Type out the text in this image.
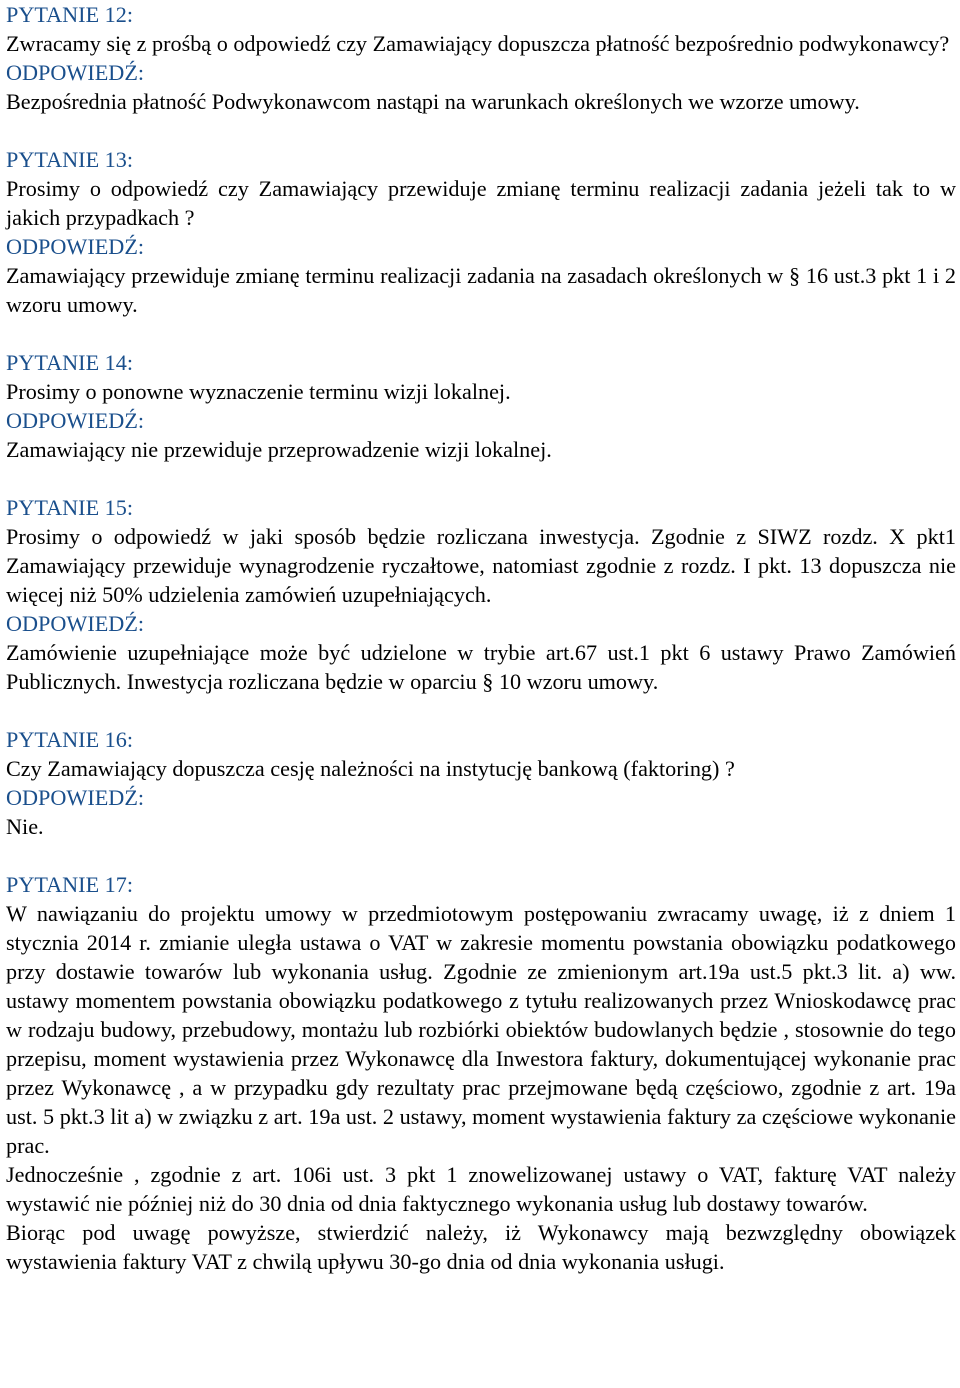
PYTANIE 12:

Zwracamy się z prośbą o odpowiedź czy Zamawiający dopuszcza płatność bezpośrednio podwykonawcy?

ODPOWIEDŹ:

Bezpośrednia płatność Podwykonawcom nastąpi na warunkach określonych we wzorze umowy.

PYTANIE 13:

Prosimy o odpowiedź czy Zamawiający przewiduje zmianę terminu realizacji zadania jeżeli tak to w jakich przypadkach ?

ODPOWIEDŹ:

Zamawiający przewiduje zmianę terminu realizacji zadania na zasadach określonych w § 16 ust.3 pkt 1 i 2 wzoru umowy.

PYTANIE 14:

Prosimy o ponowne wyznaczenie terminu wizji lokalnej.

ODPOWIEDŹ:

Zamawiający nie przewiduje przeprowadzenie wizji lokalnej.

PYTANIE 15:

Prosimy o odpowiedź w jaki sposób będzie rozliczana inwestycja. Zgodnie z SIWZ rozdz. X pkt1 Zamawiający przewiduje wynagrodzenie ryczałtowe, natomiast zgodnie z rozdz. I pkt. 13 dopuszcza nie więcej niż 50% udzielenia zamówień uzupełniających.

ODPOWIEDŹ:

Zamówienie uzupełniające może być udzielone w trybie art.67 ust.1 pkt 6 ustawy Prawo Zamówień Publicznych. Inwestycja rozliczana będzie w oparciu § 10 wzoru umowy.

PYTANIE 16:

Czy Zamawiający dopuszcza cesję należności na instytucję bankową (faktoring) ?

ODPOWIEDŹ:

Nie.

PYTANIE 17:

W nawiązaniu do projektu umowy w przedmiotowym postępowaniu zwracamy uwagę, iż z dniem 1 stycznia 2014 r. zmianie uległa ustawa o VAT w zakresie momentu powstania obowiązku podatkowego przy dostawie towarów lub wykonania usług. Zgodnie ze zmienionym art.19a ust.5 pkt.3 lit. a) ww. ustawy momentem powstania obowiązku podatkowego z tytułu realizowanych przez Wnioskodawcę prac w rodzaju budowy, przebudowy, montażu lub rozbiórki obiektów budowlanych będzie , stosownie do tego przepisu, moment wystawienia przez Wykonawcę dla Inwestora faktury, dokumentującej wykonanie prac przez Wykonawcę , a w przypadku gdy rezultaty prac przejmowane będą częściowo, zgodnie z art. 19a ust. 5 pkt.3 lit a) w związku z art. 19a ust. 2 ustawy, moment wystawienia faktury za częściowe wykonanie prac.

Jednocześnie , zgodnie z art. 106i ust. 3 pkt 1 znowelizowanej ustawy o VAT, fakturę VAT należy wystawić nie później niż do 30 dnia od dnia faktycznego wykonania usług lub dostawy towarów.

Biorąc pod uwagę powyższe, stwierdzić należy, iż Wykonawcy mają bezwzględny obowiązek wystawienia faktury VAT z chwilą upływu 30-go dnia od dnia wykonania usługi.
